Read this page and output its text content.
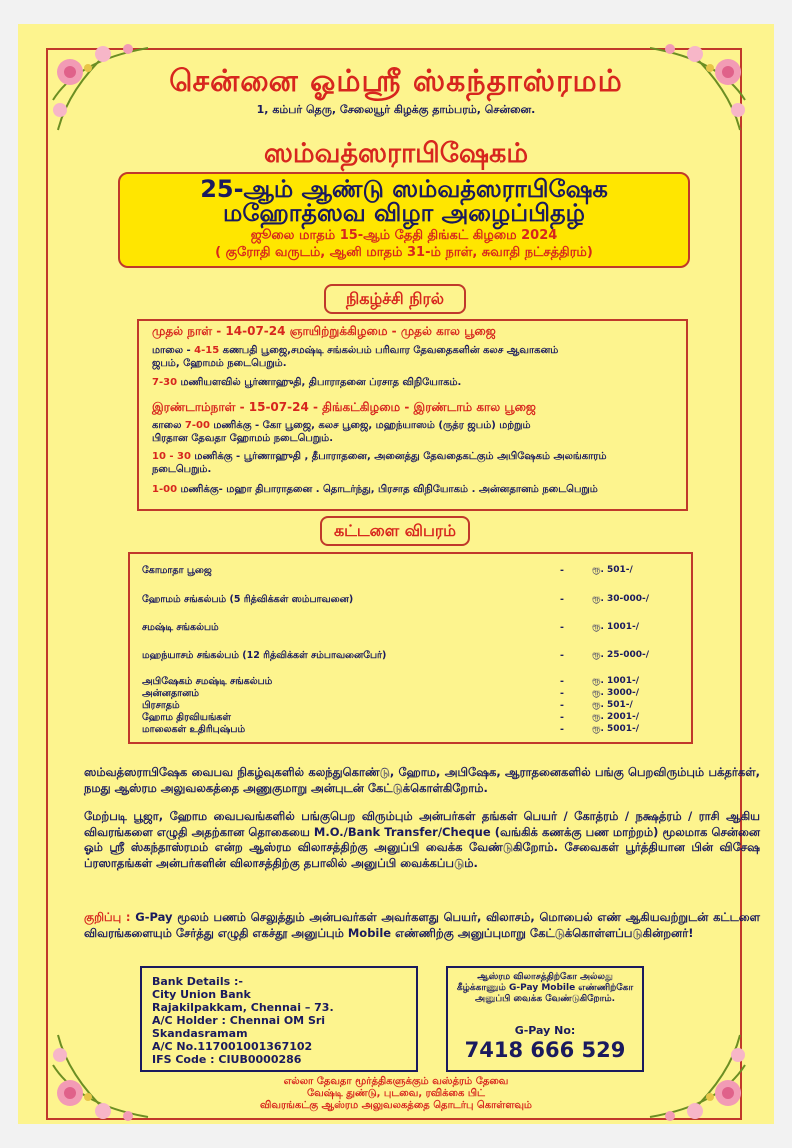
சென்னை ஓம்ஸ்ரீ ஸ்கந்தாஸ்ரமம்
1, கம்பர் தெரு, சேலையூர் கிழக்கு தாம்பரம், சென்னை.
ஸம்வத்ஸராபிஷேகம்
25-ஆம் ஆண்டு ஸம்வத்ஸராபிஷேக
மஹோத்ஸவ விழா அழைப்பிதழ்
ஜூலை மாதம் 15-ஆம் தேதி திங்கட் கிழமை 2024
( குரோதி வருடம், ஆனி மாதம் 31-ம் நாள், சுவாதி நட்சத்திரம்)
நிகழ்ச்சி நிரல்
முதல் நாள் - 14-07-24 ஞாயிற்றுக்கிழமை - முதல் கால பூஜை
மாலை - 4-15 கணபதி பூஜை,சமஷ்டி சங்கல்பம் பரிவார தேவதைகளின் கலச ஆவாகனம்
ஜபம், ஹோமம் நடைபெறும்.
7-30 மணியளவில் பூர்ணாஹுதி, திபாராதனை ப்ரசாத விநியோகம்.
இரண்டாம்நாள் - 15-07-24 - திங்கட்கிழமை - இரண்டாம் கால பூஜை
காலை 7-00 மணிக்கு - கோ பூஜை, கலச பூஜை, மஹந்யாஸம் (ருத்ர ஜபம்) மற்றும்
பிரதான தேவதா ஹோமம் நடைபெறும்.
10 - 30 மணிக்கு - பூர்ணாஹுதி , தீபாராதனை, அனைத்து தேவதைகட்கும் அபிஷேகம் அலங்காரம்
நடைபெறும்.
1-00 மணிக்கு- மஹா திபாராதனை . தொடர்ந்து, பிரசாத விநியோகம் . அன்னதானம் நடைபெறும்
கட்டளை விபரம்
கோமாதா பூஜை	-	ரூ. 501-/
ஹோமம் சங்கல்பம் (5 ரித்விக்கள் ஸம்பாவனை)	-	ரூ. 30-000-/
சமஷ்டி சங்கல்பம்	-	ரூ. 1001-/
மஹந்யாசம் சங்கல்பம் (12 ரித்விக்கள் சம்பாவனைபேர்)	-	ரூ. 25-000-/
அபிஷேகம் சமஷ்டி சங்கல்பம்	-	ரூ. 1001-/
அன்னதானம்	-	ரூ. 3000-/
பிரசாதம்	-	ரூ. 501-/
ஹோம திரவியங்கள்	-	ரூ. 2001-/
மாலைகள் உதிரிபுஷ்பம்	-	ரூ. 5001-/
ஸம்வத்ஸராபிஷேக வைபவ நிகழ்வுகளில் கலந்துகொண்டு, ஹோம, அபிஷேக, ஆராதனைகளில் பங்கு பெறவிரும்பும் பக்தர்கள், நமது ஆஸ்ரம அலுவலகத்தை அணுகுமாறு அன்புடன் கேட்டுக்கொள்கிறோம்.
மேற்படி பூஜா, ஹோம வைபவங்களில் பங்குபெற விரும்பும் அன்பர்கள் தங்கள் பெயர் / கோத்ரம் / நக்ஷத்ரம் / ராசி ஆகிய விவரங்களை எழுதி அதற்கான தொகையை M.O./Bank Transfer/Cheque (வங்கிக் கணக்கு பண மாற்றம்) மூலமாக சென்னை ஓம் ஸ்ரீ ஸ்கந்தாஸ்ரமம் என்ற ஆஸ்ரம விலாசத்திற்கு அனுப்பி வைக்க வேண்டுகிறோம். சேவைகள் பூர்த்தியான பின் விசேஷ ப்ரஸாதங்கள் அன்பர்களின் விலாசத்திற்கு தபாலில் அனுப்பி வைக்கப்படும்.
குறிப்பு : G-Pay மூலம் பணம் செலுத்தும் அன்பவர்கள் அவர்களது பெயர், விலாசம், மொபைல் எண் ஆகியவற்றுடன் கட்டளை விவரங்களையும் சேர்த்து எழுதி எகச்தூ அனுப்பும் Mobile எண்ணிற்கு அனுப்புமாறு கேட்டுக்கொள்ளப்படுகின்றனர்!
Bank Details :-
City Union Bank
Rajakilpakkam, Chennai – 73.
A/C Holder : Chennai OM Sri Skandasramam
A/C No.117001001367102
IFS Code : CIUB0000286
ஆஸ்ரம விலாசத்திற்கோ அல்லது
கீழ்க்காணும் G-Pay Mobile எண்ணிற்கோ
அனுப்பி வைக்க வேண்டுகிறோம்.
G-Pay No:
7418 666 529
எல்லா தேவதா மூர்த்திகளுக்கும் வஸ்த்ரம் தேவை
வேஷ்டி துண்டு, புடவை, ரவிக்கை பிட்
விவரங்கட்கு ஆஸ்ரம அலுவலகத்தை தொடர்பு கொள்ளவும்
